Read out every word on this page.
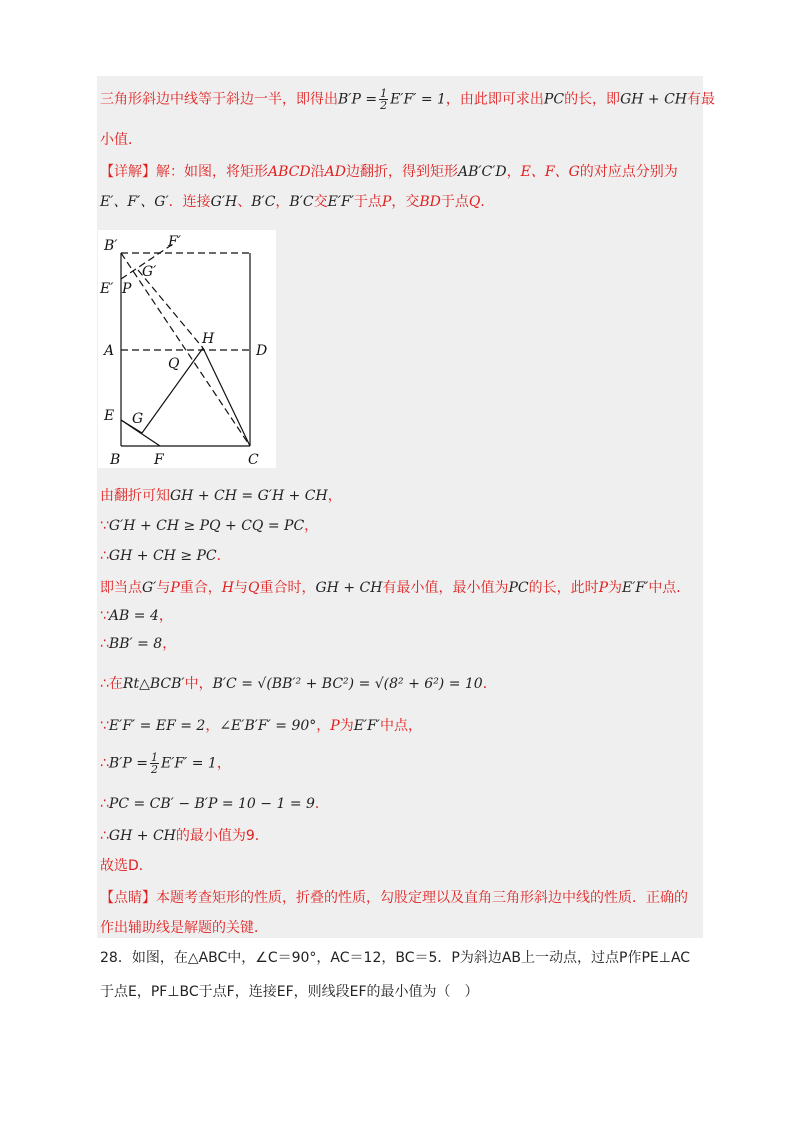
三角形斜边中线等于斜边一半，即得出$B'P = \frac{1}{2} E'F' = 1$，由此即可求出PC的长，即GH + CH有最
小值．
【详解】解：如图，将矩形ABCD沿AD边翻折，得到矩形AB′C′D，E、F、G的对应点分别为
E′、F′、G′．连接G′H、B′C，B′C交E′F′于点P，交BD于点Q．
B′	F′
G′
E′ P
A
Q
H
D
E G
B F	C
由翻折可知GH + CH = G′H + CH，
∵G′H + CH ≥ PQ + CQ = PC，
∴GH + CH ≥ PC．
即当点G′与P重合，H与Q重合时，GH + CH有最小值，最小值为PC的长，此时P为E′F′中点．
∵AB = 4，
∴BB′ = 8，
∴在Rt△BCB′中，B′C = √(BB′² + BC²) = √(8² + 6²) = 10．
∵E′F′ = EF = 2，∠E′B′F′ = 90°，P为E′F′中点，
∴B′P = $\frac{1}{2} E'F' = 1$，
∴PC = CB′ − B′P = 10 − 1 = 9．
∴GH + CH的最小值为9．
故选D．
【点睛】本题考查矩形的性质，折叠的性质，勾股定理以及直角三角形斜边中线的性质．正确的
作出辅助线是解题的关键．
28．如图，在△ABC中，∠C＝90°，AC＝12，BC＝5．P为斜边AB上一动点，过点P作PE⊥AC
于点E，PF⊥BC于点F，连接EF，则线段EF的最小值为（　）
